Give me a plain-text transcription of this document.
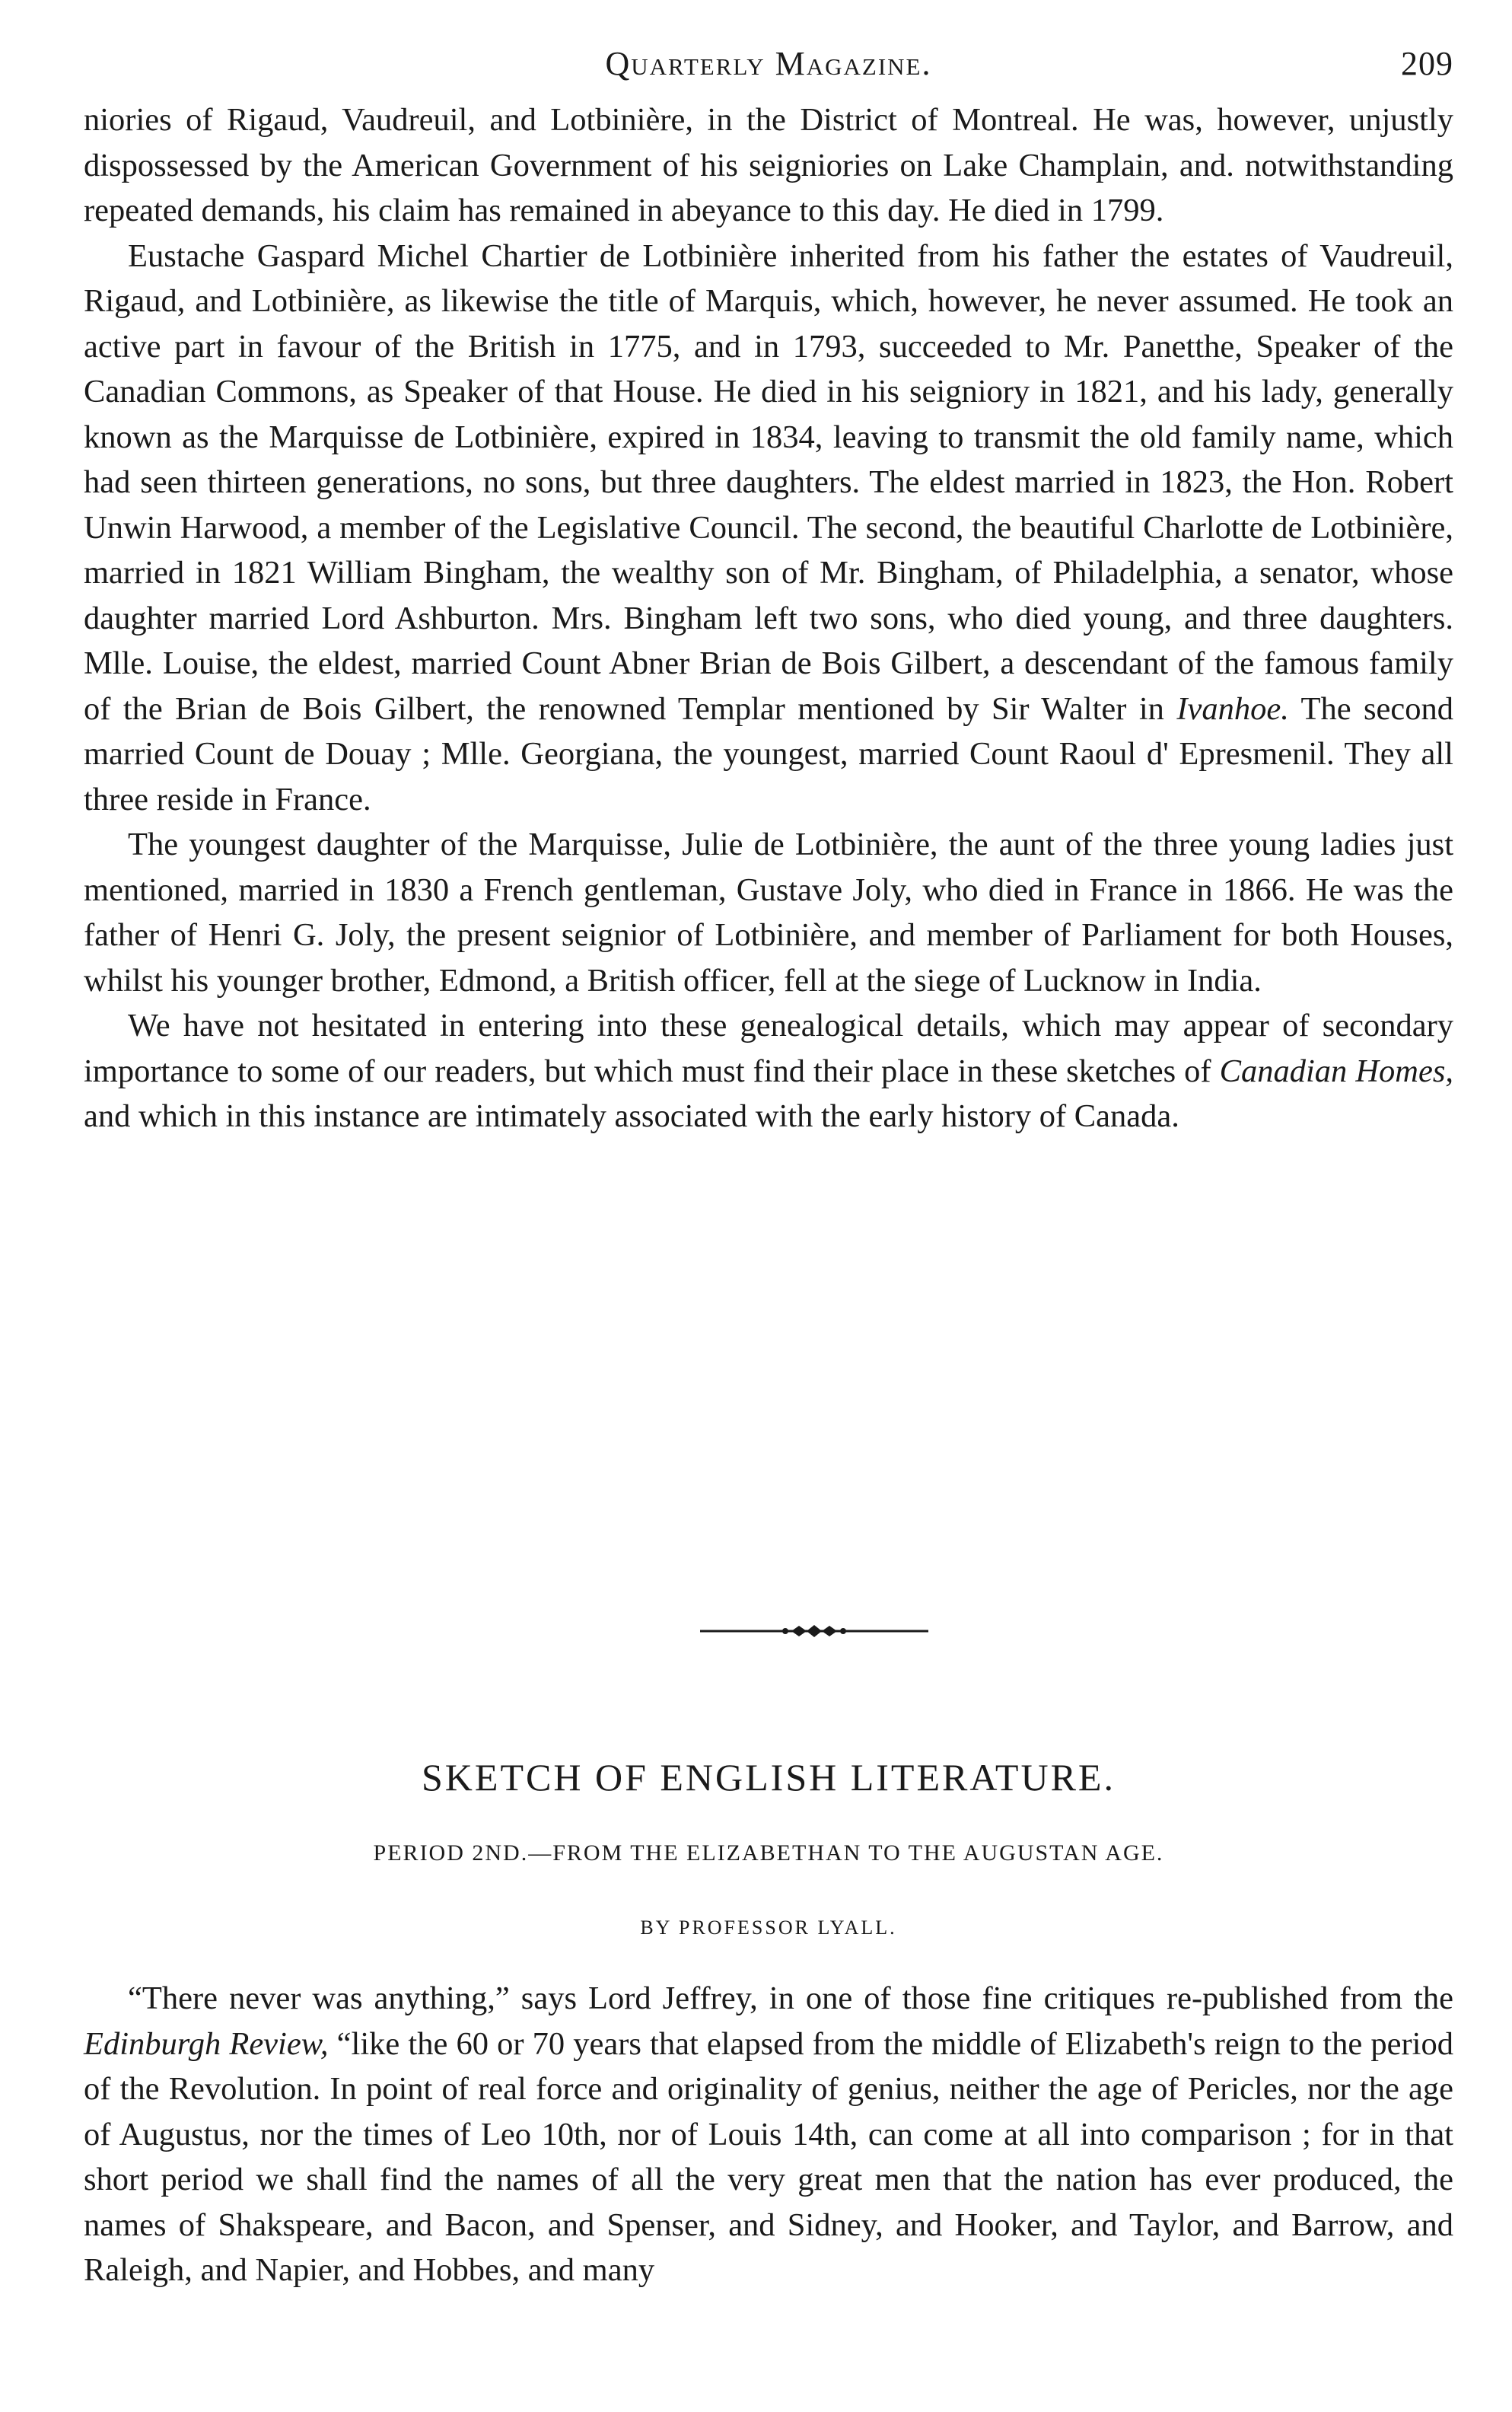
Quarterly Magazine.	209

niories of Rigaud, Vaudreuil, and Lotbinière, in the District of Montreal. He was, however, unjustly dispossessed by the American Government of his seigniories on Lake Champlain, and. notwithstanding repeated demands, his claim has remained in abeyance to this day. He died in 1799.

Eustache Gaspard Michel Chartier de Lotbinière inherited from his father the estates of Vaudreuil, Rigaud, and Lotbinière, as likewise the title of Marquis, which, however, he never assumed. He took an active part in favour of the British in 1775, and in 1793, succeeded to Mr. Panetthe, Speaker of the Canadian Commons, as Speaker of that House. He died in his seigniory in 1821, and his lady, generally known as the Marquisse de Lotbinière, expired in 1834, leaving to transmit the old family name, which had seen thirteen generations, no sons, but three daughters. The eldest married in 1823, the Hon. Robert Unwin Harwood, a member of the Legislative Council. The second, the beautiful Charlotte de Lotbinière, married in 1821 William Bingham, the wealthy son of Mr. Bingham, of Philadelphia, a senator, whose daughter married Lord Ashburton. Mrs. Bingham left two sons, who died young, and three daughters. Mlle. Louise, the eldest, married Count Abner Brian de Bois Gilbert, a descendant of the famous family of the Brian de Bois Gilbert, the renowned Templar mentioned by Sir Walter in Ivanhoe. The second married Count de Douay ; Mlle. Georgiana, the youngest, married Count Raoul d' Epresmenil. They all three reside in France.

The youngest daughter of the Marquisse, Julie de Lotbinière, the aunt of the three young ladies just mentioned, married in 1830 a French gentleman, Gustave Joly, who died in France in 1866. He was the father of Henri G. Joly, the present seignior of Lotbinière, and member of Parliament for both Houses, whilst his younger brother, Edmond, a British officer, fell at the siege of Lucknow in India.

We have not hesitated in entering into these genealogical details, which may appear of secondary importance to some of our readers, but which must find their place in these sketches of Canadian Homes, and which in this instance are intimately associated with the early history of Canada.

SKETCH OF ENGLISH LITERATURE.
PERIOD 2ND.—FROM THE ELIZABETHAN TO THE AUGUSTAN AGE.
BY PROFESSOR LYALL.

“There never was anything,” says Lord Jeffrey, in one of those fine critiques re-published from the Edinburgh Review, “like the 60 or 70 years that elapsed from the middle of Elizabeth's reign to the period of the Revolution. In point of real force and originality of genius, neither the age of Pericles, nor the age of Augustus, nor the times of Leo 10th, nor of Louis 14th, can come at all into comparison ; for in that short period we shall find the names of all the very great men that the nation has ever produced, the names of Shakspeare, and Bacon, and Spenser, and Sidney, and Hooker, and Taylor, and Barrow, and Raleigh, and Napier, and Hobbes, and many
